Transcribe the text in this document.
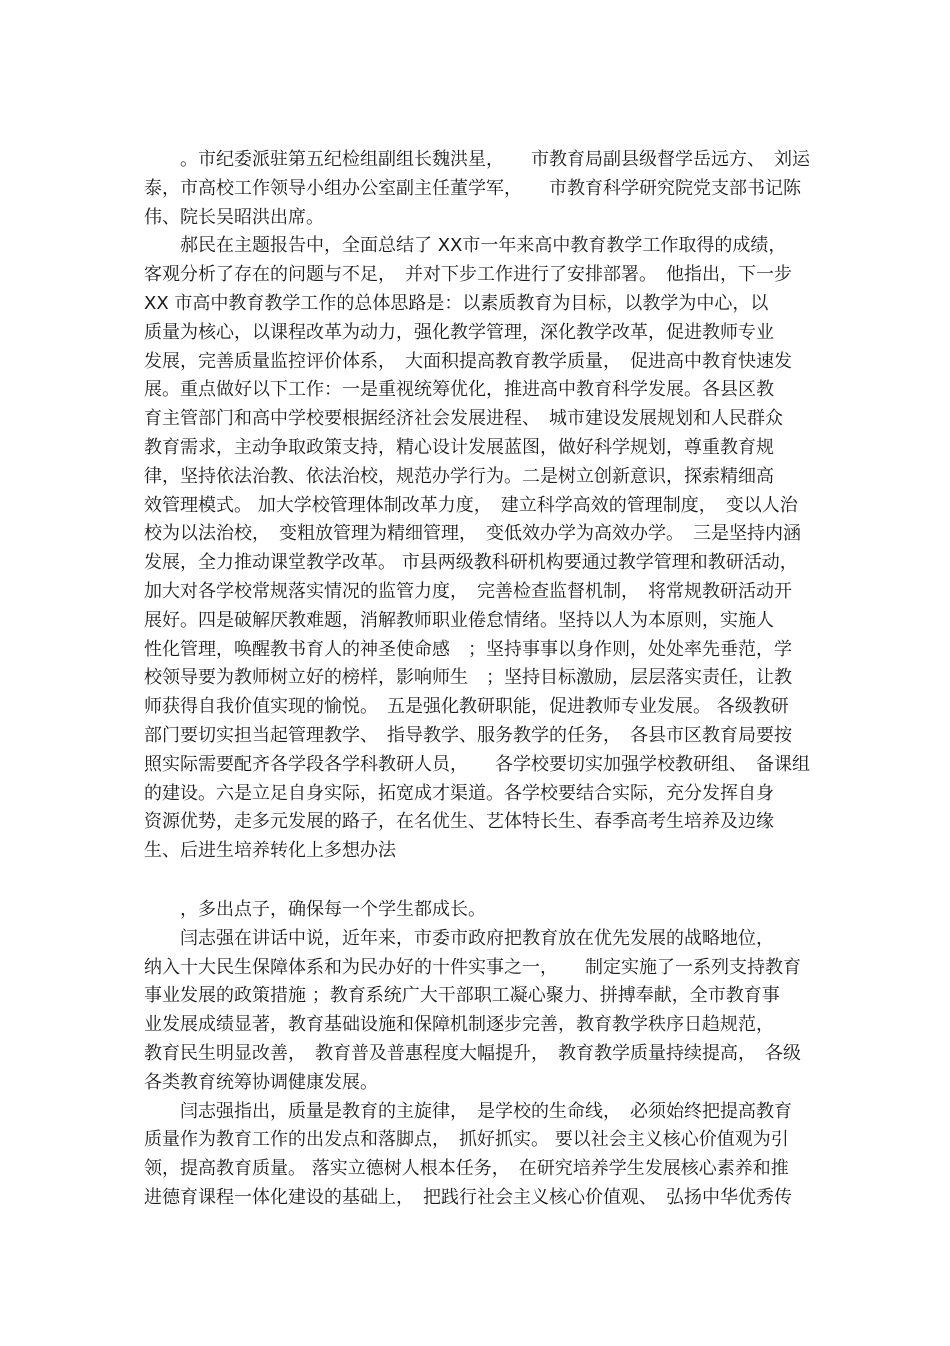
　　。市纪委派驻第五纪检组副组长魏洪星，　　市教育局副县级督学岳远方、　刘运
泰，市高校工作领导小组办公室副主任董学军，　　市教育科学研究院党支部书记陈
伟、院长吴昭洪出席。
　　郝民在主题报告中，全面总结了 XX市一年来高中教育教学工作取得的成绩，
客观分析了存在的问题与不足，　并对下步工作进行了安排部署。　他指出，下一步
XX 市高中教育教学工作的总体思路是：以素质教育为目标，以教学为中心，以
质量为核心，以课程改革为动力，强化教学管理，深化教学改革，促进教师专业
发展，完善质量监控评价体系，　大面积提高教育教学质量，　促进高中教育快速发
展。重点做好以下工作：一是重视统筹优化，推进高中教育科学发展。各县区教
育主管部门和高中学校要根据经济社会发展进程、　城市建设发展规划和人民群众
教育需求，主动争取政策支持，精心设计发展蓝图，做好科学规划，尊重教育规
律，坚持依法治教、依法治校，规范办学行为。二是树立创新意识，探索精细高
效管理模式。 加大学校管理体制改革力度，　建立科学高效的管理制度，　变以人治
校为以法治校，　变粗放管理为精细管理，　变低效办学为高效办学。　三是坚持内涵
发展，全力推动课堂教学改革。 市县两级教科研机构要通过教学管理和教研活动，
加大对各学校常规落实情况的监管力度，　完善检查监督机制，　将常规教研活动开
展好。四是破解厌教难题，消解教师职业倦怠情绪。坚持以人为本原则，实施人
性化管理，唤醒教书育人的神圣使命感　；坚持事事以身作则，处处率先垂范，学
校领导要为教师树立好的榜样，影响师生　；坚持目标激励，层层落实责任，让教
师获得自我价值实现的愉悦。　五是强化教研职能，促进教师专业发展。 各级教研
部门要切实担当起管理教学、　指导教学、服务教学的任务，　各县市区教育局要按
照实际需要配齐各学段各学科教研人员，　　各学校要切实加强学校教研组、　备课组
的建设。六是立足自身实际，拓宽成才渠道。各学校要结合实际，充分发挥自身
资源优势，走多元发展的路子，在名优生、艺体特长生、春季高考生培养及边缘
生、后进生培养转化上多想办法
　　，多出点子，确保每一个学生都成长。
　　闫志强在讲话中说，近年来，市委市政府把教育放在优先发展的战略地位，
纳入十大民生保障体系和为民办好的十件实事之一，　　制定实施了一系列支持教育
事业发展的政策措施 ；教育系统广大干部职工凝心聚力、拼搏奉献，全市教育事
业发展成绩显著，教育基础设施和保障机制逐步完善，教育教学秩序日趋规范，
教育民生明显改善，　教育普及普惠程度大幅提升，　教育教学质量持续提高，　各级
各类教育统筹协调健康发展。
　　闫志强指出，质量是教育的主旋律，　是学校的生命线，　必须始终把提高教育
质量作为教育工作的出发点和落脚点，　抓好抓实。 要以社会主义核心价值观为引
领，提高教育质量。 落实立德树人根本任务，　在研究培养学生发展核心素养和推
进德育课程一体化建设的基础上，　把践行社会主义核心价值观、　弘扬中华优秀传
